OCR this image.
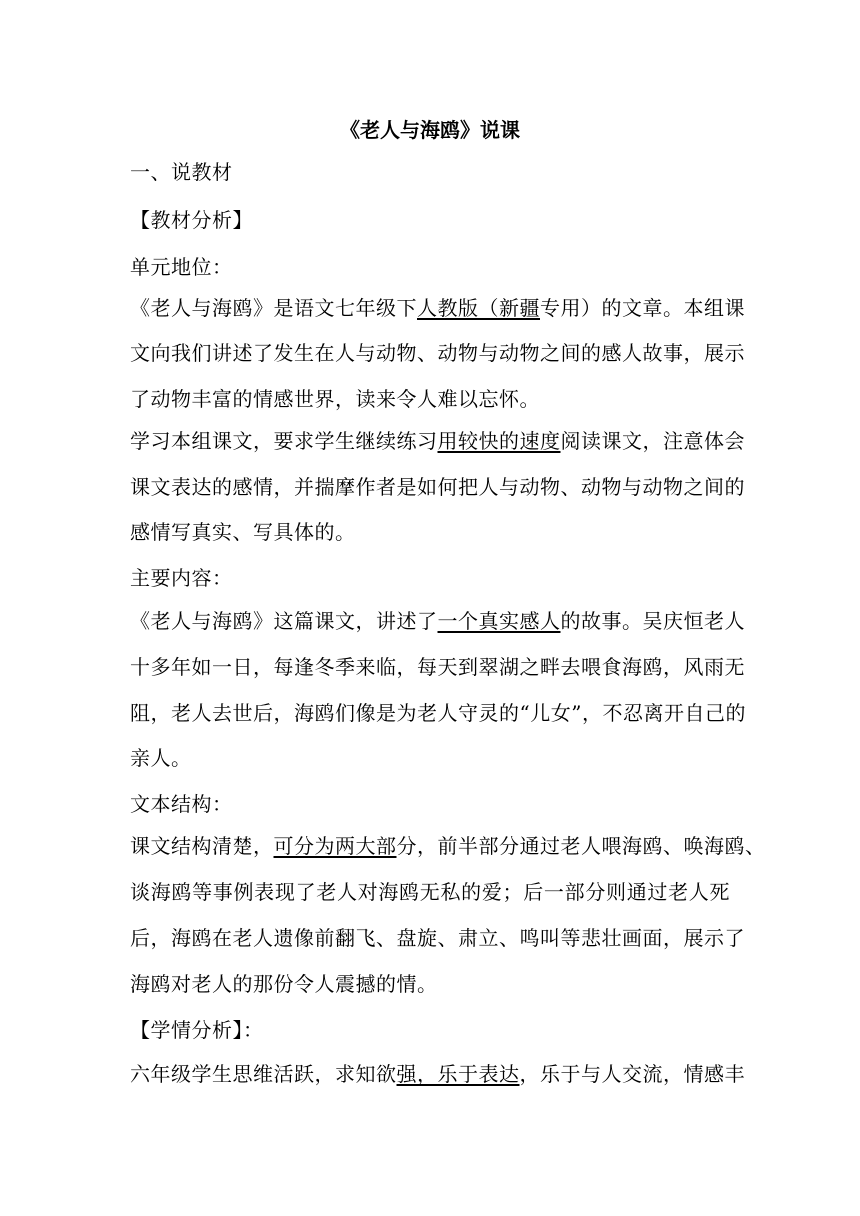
《老人与海鸥》说课
一、说教材
【教材分析】
单元地位：
《老人与海鸥》是语文七年级下人教版（新疆专用）的文章。本组课
文向我们讲述了发生在人与动物、动物与动物之间的感人故事，展示
了动物丰富的情感世界，读来令人难以忘怀。
学习本组课文，要求学生继续练习用较快的速度阅读课文，注意体会
课文表达的感情，并揣摩作者是如何把人与动物、动物与动物之间的
感情写真实、写具体的。
主要内容：
《老人与海鸥》这篇课文，讲述了一个真实感人的故事。吴庆恒老人
十多年如一日，每逢冬季来临，每天到翠湖之畔去喂食海鸥，风雨无
阻，老人去世后，海鸥们像是为老人守灵的“儿女”，不忍离开自己的
亲人。
文本结构：
课文结构清楚，可分为两大部分，前半部分通过老人喂海鸥、唤海鸥、
谈海鸥等事例表现了老人对海鸥无私的爱；后一部分则通过老人死
后，海鸥在老人遗像前翻飞、盘旋、肃立、鸣叫等悲壮画面，展示了
海鸥对老人的那份令人震撼的情。
【学情分析】：
六年级学生思维活跃，求知欲强，乐于表达，乐于与人交流，情感丰
